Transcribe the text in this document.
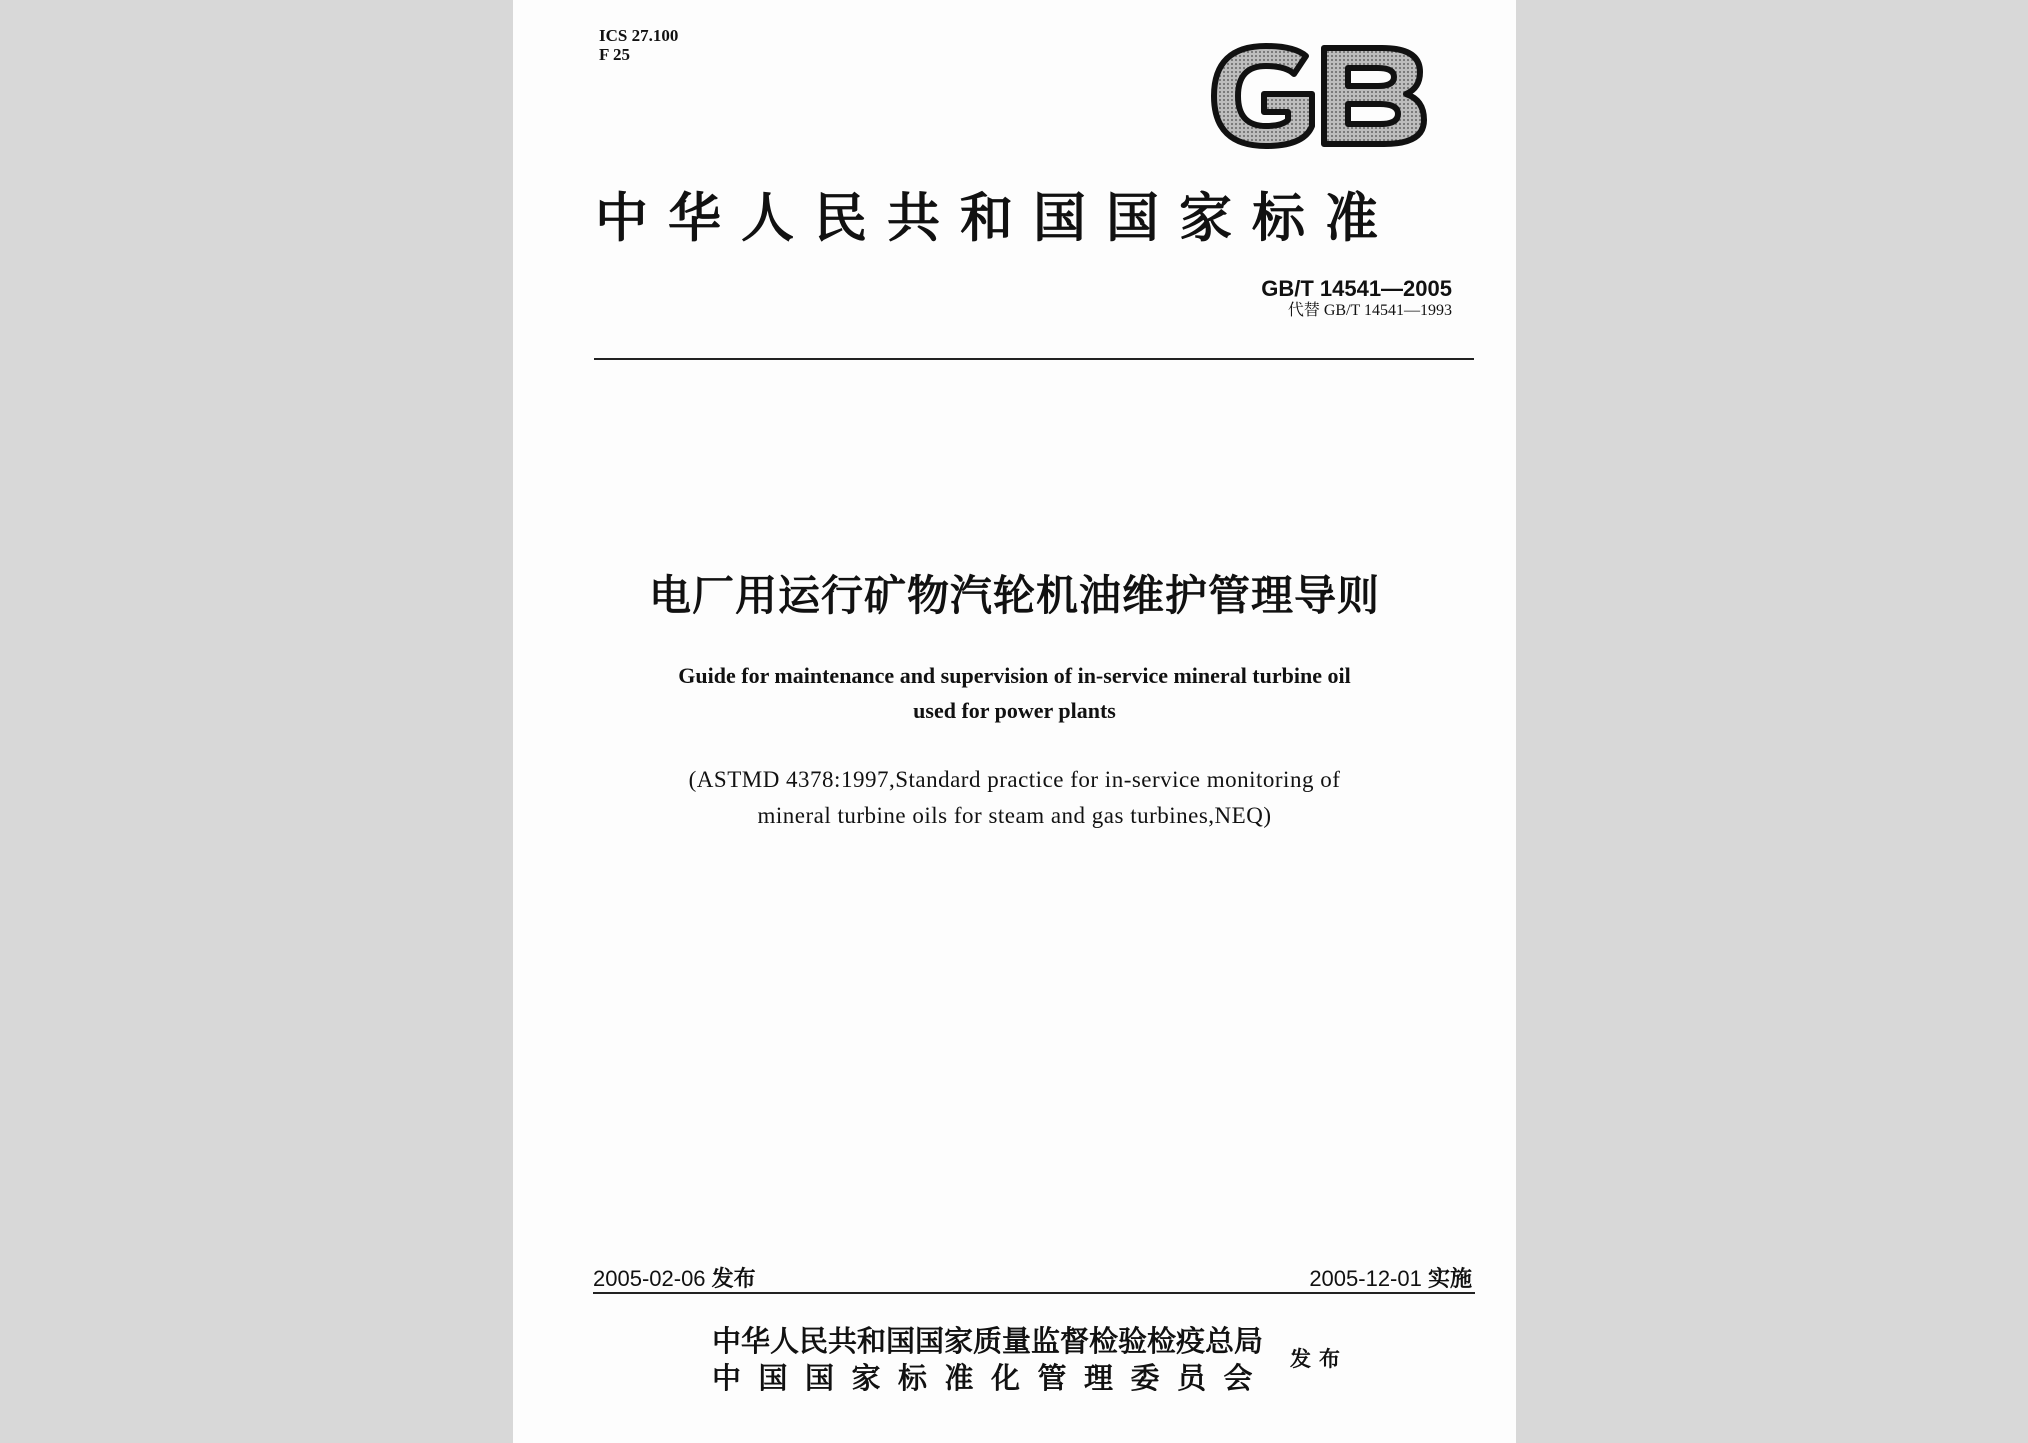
ICS 27.100
F 25
中华人民共和国国家标准
GB/T 14541—2005
代替 GB/T 14541—1993
电厂用运行矿物汽轮机油维护管理导则
Guide for maintenance and supervision of in-service mineral turbine oil
used for power plants
(ASTMD 4378:1997,Standard practice for in-service monitoring of
mineral turbine oils for steam and gas turbines,NEQ)
2005-02-06 发布	2005-12-01 实施
中华人民共和国国家质量监督检验检疫总局
中国国家标准化管理委员会
发布
